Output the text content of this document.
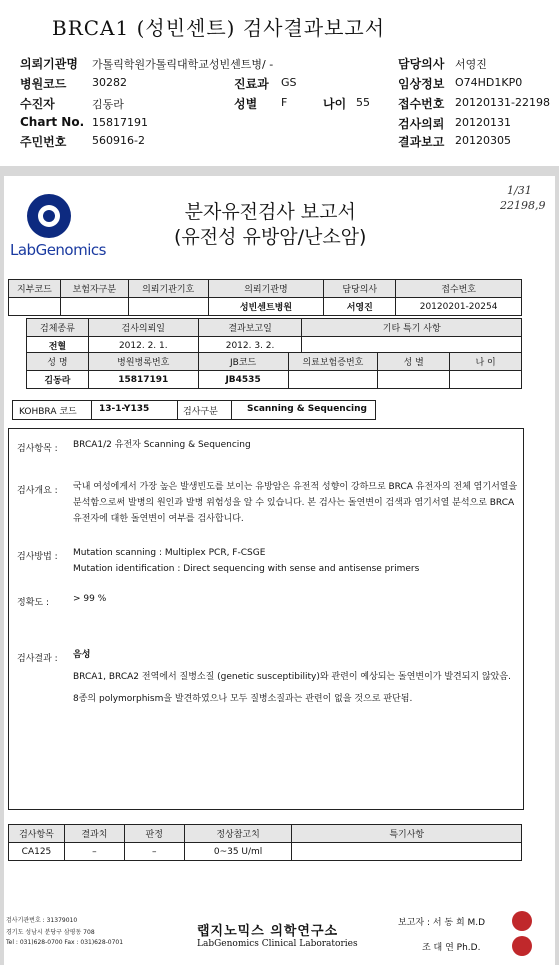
BRCA1 (성빈센트) 검사결과보고서
의뢰기관명 가톨릭학원가톨릭대학교성빈센트병/ -	담당의사 서영진
병원코드 30282	진료과 GS	임상정보 O74HD1KP0
수진자	김동라	성별 F	나이 55 접수번호 20120131-22198
Chart No. 15817191	검사의뢰 20120131
주민번호 560916-2	결과보고 20120305
LabGenomics
분자유전검사 보고서
(유전성 유방암/난소암)
1/31
22198,9
지부코드	보험자구분	의뢰기관기호	의뢰기관명	담당의사	접수번호
			성빈센트병원	서영진	20120201-20254
검체종류	검사의뢰일	결과보고일	기타 특기 사항
전혈	2012. 2. 1.	2012. 3. 2.	
성 명	병원병록번호	JB코드	의료보험증번호	성 별	나 이
김동라	15817191	JB4535			
KOHBRA 코드 13-1-Y135	검사구분	Scanning & Sequencing
검사항목 : BRCA1/2 유전자 Scanning & Sequencing
검사개요 : 국내 여성에게서 가장 높은 발생빈도를 보이는 유방암은 유전적 성향이 강하므로 BRCA 유전자의 전체 염기서열을 분석함으로써 발병의 원인과 발병 위험성을 알 수 있습니다. 본 검사는 돌연변이 검색과 염기서열 분석으로 BRCA 유전자에 대한 돌연변이 여부를 검사합니다.
검사방법 : Mutation scanning : Multiplex PCR, F-CSGE
Mutation identification : Direct sequencing with sense and antisense primers
정확도 :	> 99 %
검사결과 : 음성
BRCA1, BRCA2 전역에서 질병소질 (genetic susceptibility)와 관련이 예상되는 돌연변이가 발견되지 않았음.
8종의 polymorphism을 발견하였으나 모두 질병소질과는 관련이 없을 것으로 판단됨.
검사항목	결과치	판정	정상참고치	특기사항
CA125	–	–	0~35 U/ml	
검사기관번호 : 31379010
경기도 성남시 분당구 삼평동 708
Tel : 031)628-0700 Fax : 031)628-0701
랩지노믹스 의학연구소
LabGenomics Clinical Laboratories
보고자 : 서 동 희 M.D
조 대 연 Ph.D.
